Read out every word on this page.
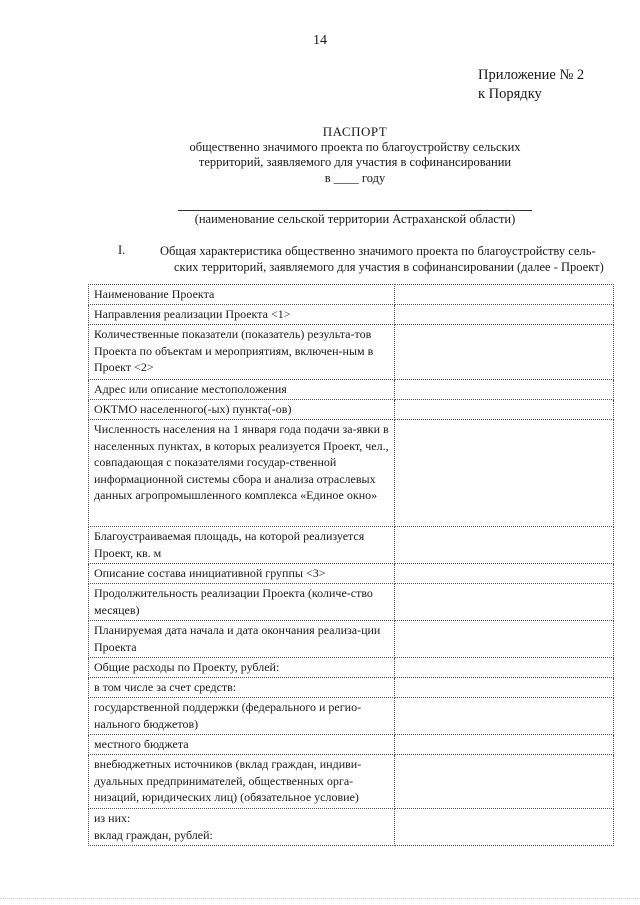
14
Приложение № 2
к Порядку
ПАСПОРТ
общественно значимого проекта по благоустройству сельских
территорий, заявляемого для участия в софинансировании
в ____ году
(наименование сельской территории Астраханской области)
I.	Общая характеристика общественно значимого проекта по благоустройству сель-
ских территорий, заявляемого для участия в софинансировании (далее - Проект)
Наименование Проекта	
Направления реализации Проекта <1>	
Количественные показатели (показатель) результа-тов Проекта по объектам и мероприятиям, включен-ным в Проект <2>	
Адрес или описание местоположения	
ОКТМО населенного(-ых) пункта(-ов)	
Численность населения на 1 января года подачи за-явки в населенных пунктах, в которых реализуется Проект, чел., совпадающая с показателями государ-ственной информационной системы сбора и анализа отраслевых данных агропромышленного комплекса «Единое окно»	
Благоустраиваемая площадь, на которой реализуется Проект, кв. м	
Описание состава инициативной группы <3>	
Продолжительность реализации Проекта (количе-ство месяцев)	
Планируемая дата начала и дата окончания реализа-ции Проекта	
Общие расходы по Проекту, рублей:	
в том числе за счет средств:	
государственной поддержки (федерального и регио-нального бюджетов)	
местного бюджета	
внебюджетных источников (вклад граждан, индиви-дуальных предпринимателей, общественных орга-низаций, юридических лиц) (обязательное условие)	

из них:
вклад граждан, рублей:	
